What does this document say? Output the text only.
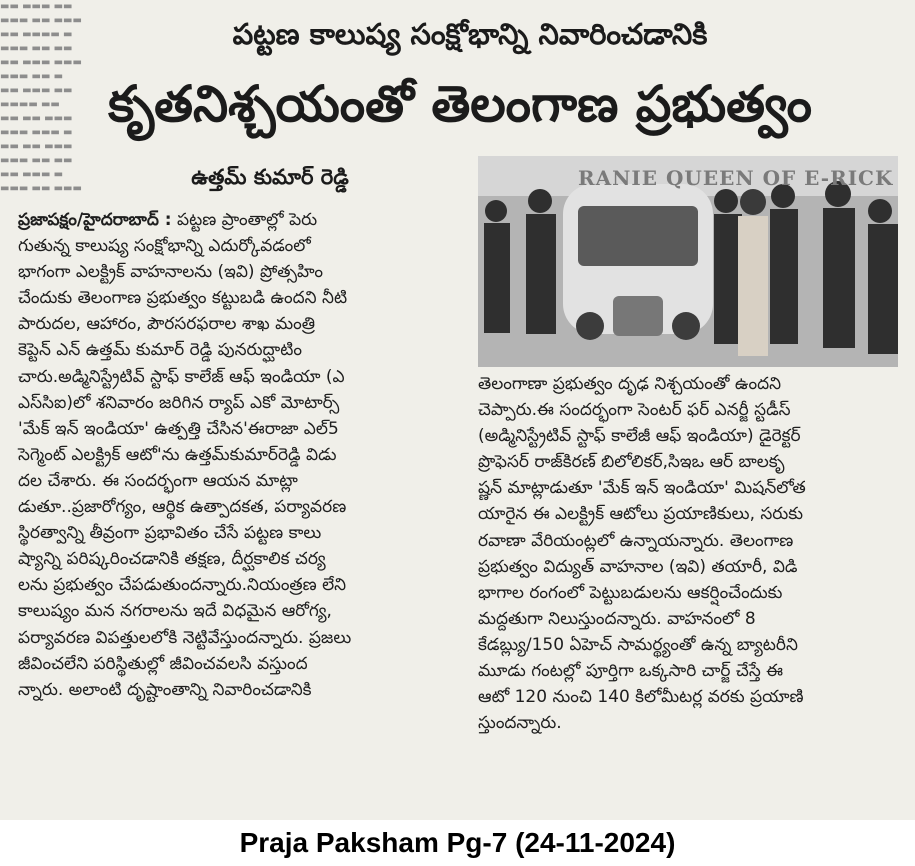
▬▬ ▬▬▬ ▬▬
▬▬▬ ▬▬ ▬▬▬
▬▬ ▬▬▬▬ ▬
▬▬▬ ▬▬ ▬▬
▬▬ ▬▬▬ ▬▬▬
▬▬▬ ▬▬ ▬
▬▬ ▬▬▬ ▬▬
▬▬▬▬ ▬▬
▬▬ ▬▬ ▬▬▬
▬▬▬ ▬▬▬ ▬
▬▬ ▬▬ ▬▬▬
▬▬▬ ▬▬ ▬▬
▬▬ ▬▬▬ ▬
▬▬▬ ▬▬ ▬▬▬
పట్టణ కాలుష్య సంక్షోభాన్ని నివారించడానికి
కృతనిశ్చయంతో తెలంగాణ ప్రభుత్వం
ఉత్తమ్ కుమార్ రెడ్డి
ప్రజాపక్షం/హైదరాబాద్ : పట్టణ ప్రాంతాల్లో పెరు
గుతున్న కాలుష్య సంక్షోభాన్ని ఎదుర్కోవడంలో
భాగంగా ఎలక్ట్రిక్ వాహనాలను (ఇవి) ప్రోత్సహిం
చేందుకు తెలంగాణ ప్రభుత్వం కట్టుబడి ఉందని నీటి
పారుదల, ఆహారం, పౌరసరఫరాల శాఖ మంత్రి
కెప్టెన్ ఎన్ ఉత్తమ్ కుమార్ రెడ్డి పునరుద్ఘాటిం
చారు.అడ్మినిస్ట్రేటివ్ స్టాఫ్ కాలేజ్ ఆఫ్ ఇండియా (ఎ
ఎస్‌సిఐ)లో శనివారం జరిగిన ర్యాప్ ఎకో మోటార్స్
'మేక్ ఇన్ ఇండియా' ఉత్పత్తి చేసిన'ఈరాజా ఎల్5
సెగ్మెంట్ ఎలక్ట్రిక్ ఆటో'ను ఉత్తమ్‌కుమార్‌రెడ్డి విడు
దల చేశారు. ఈ సందర్భంగా ఆయన మాట్లా
డుతూ..ప్రజారోగ్యం, ఆర్థిక ఉత్పాదకత, పర్యావరణ
స్థిరత్వాన్ని తీవ్రంగా ప్రభావితం చేసే పట్టణ కాలు
ష్యాన్ని పరిష్కరించడానికి తక్షణ, దీర్ఘకాలిక చర్య
లను ప్రభుత్వం చేపడుతుందన్నారు.నియంత్రణ లేని
కాలుష్యం మన నగరాలను ఇదే విధమైన ఆరోగ్య,
పర్యావరణ విపత్తులలోకి నెట్టివేస్తుందన్నారు. ప్రజలు
జీవించలేని పరిస్థితుల్లో జీవించవలసి వస్తుంద
న్నారు. అలాంటి దృష్టాంతాన్ని నివారించడానికి
RANIE QUEEN OF E-RICK
తెలంగాణా ప్రభుత్వం దృఢ నిశ్చయంతో ఉందని
చెప్పారు.ఈ సందర్భంగా సెంటర్ ఫర్ ఎనర్జీ స్టడీస్
(అడ్మినిస్ట్రేటివ్ స్టాఫ్ కాలేజీ ఆఫ్ ఇండియా) డైరెక్టర్
ప్రొఫెసర్ రాజ్‌కిరణ్ బిలోలికర్,సిఇఒ ఆర్ బాలకృ
ష్ణన్ మాట్లాడుతూ 'మేక్ ఇన్ ఇండియా' మిషన్‌లోత
యారైన ఈ ఎలక్ట్రిక్ ఆటోలు ప్రయాణికులు, సరుకు
రవాణా వేరియంట్లలో ఉన్నాయన్నారు. తెలంగాణ
ప్రభుత్వం విద్యుత్ వాహనాల (ఇవి) తయారీ, విడి
భాగాల రంగంలో పెట్టుబడులను ఆకర్షించేందుకు
మద్దతుగా నిలుస్తుందన్నారు. వాహనంలో 8
కేడబ్ల్యు/150 ఏహెచ్ సామర్థ్యంతో ఉన్న బ్యాటరీని
మూడు గంటల్లో పూర్తిగా ఒక్కసారి చార్జ్ చేస్తే ఈ
ఆటో 120 నుంచి 140 కిలోమీటర్ల వరకు ప్రయాణి
స్తుందన్నారు.
Praja Paksham Pg-7 (24-11-2024)
